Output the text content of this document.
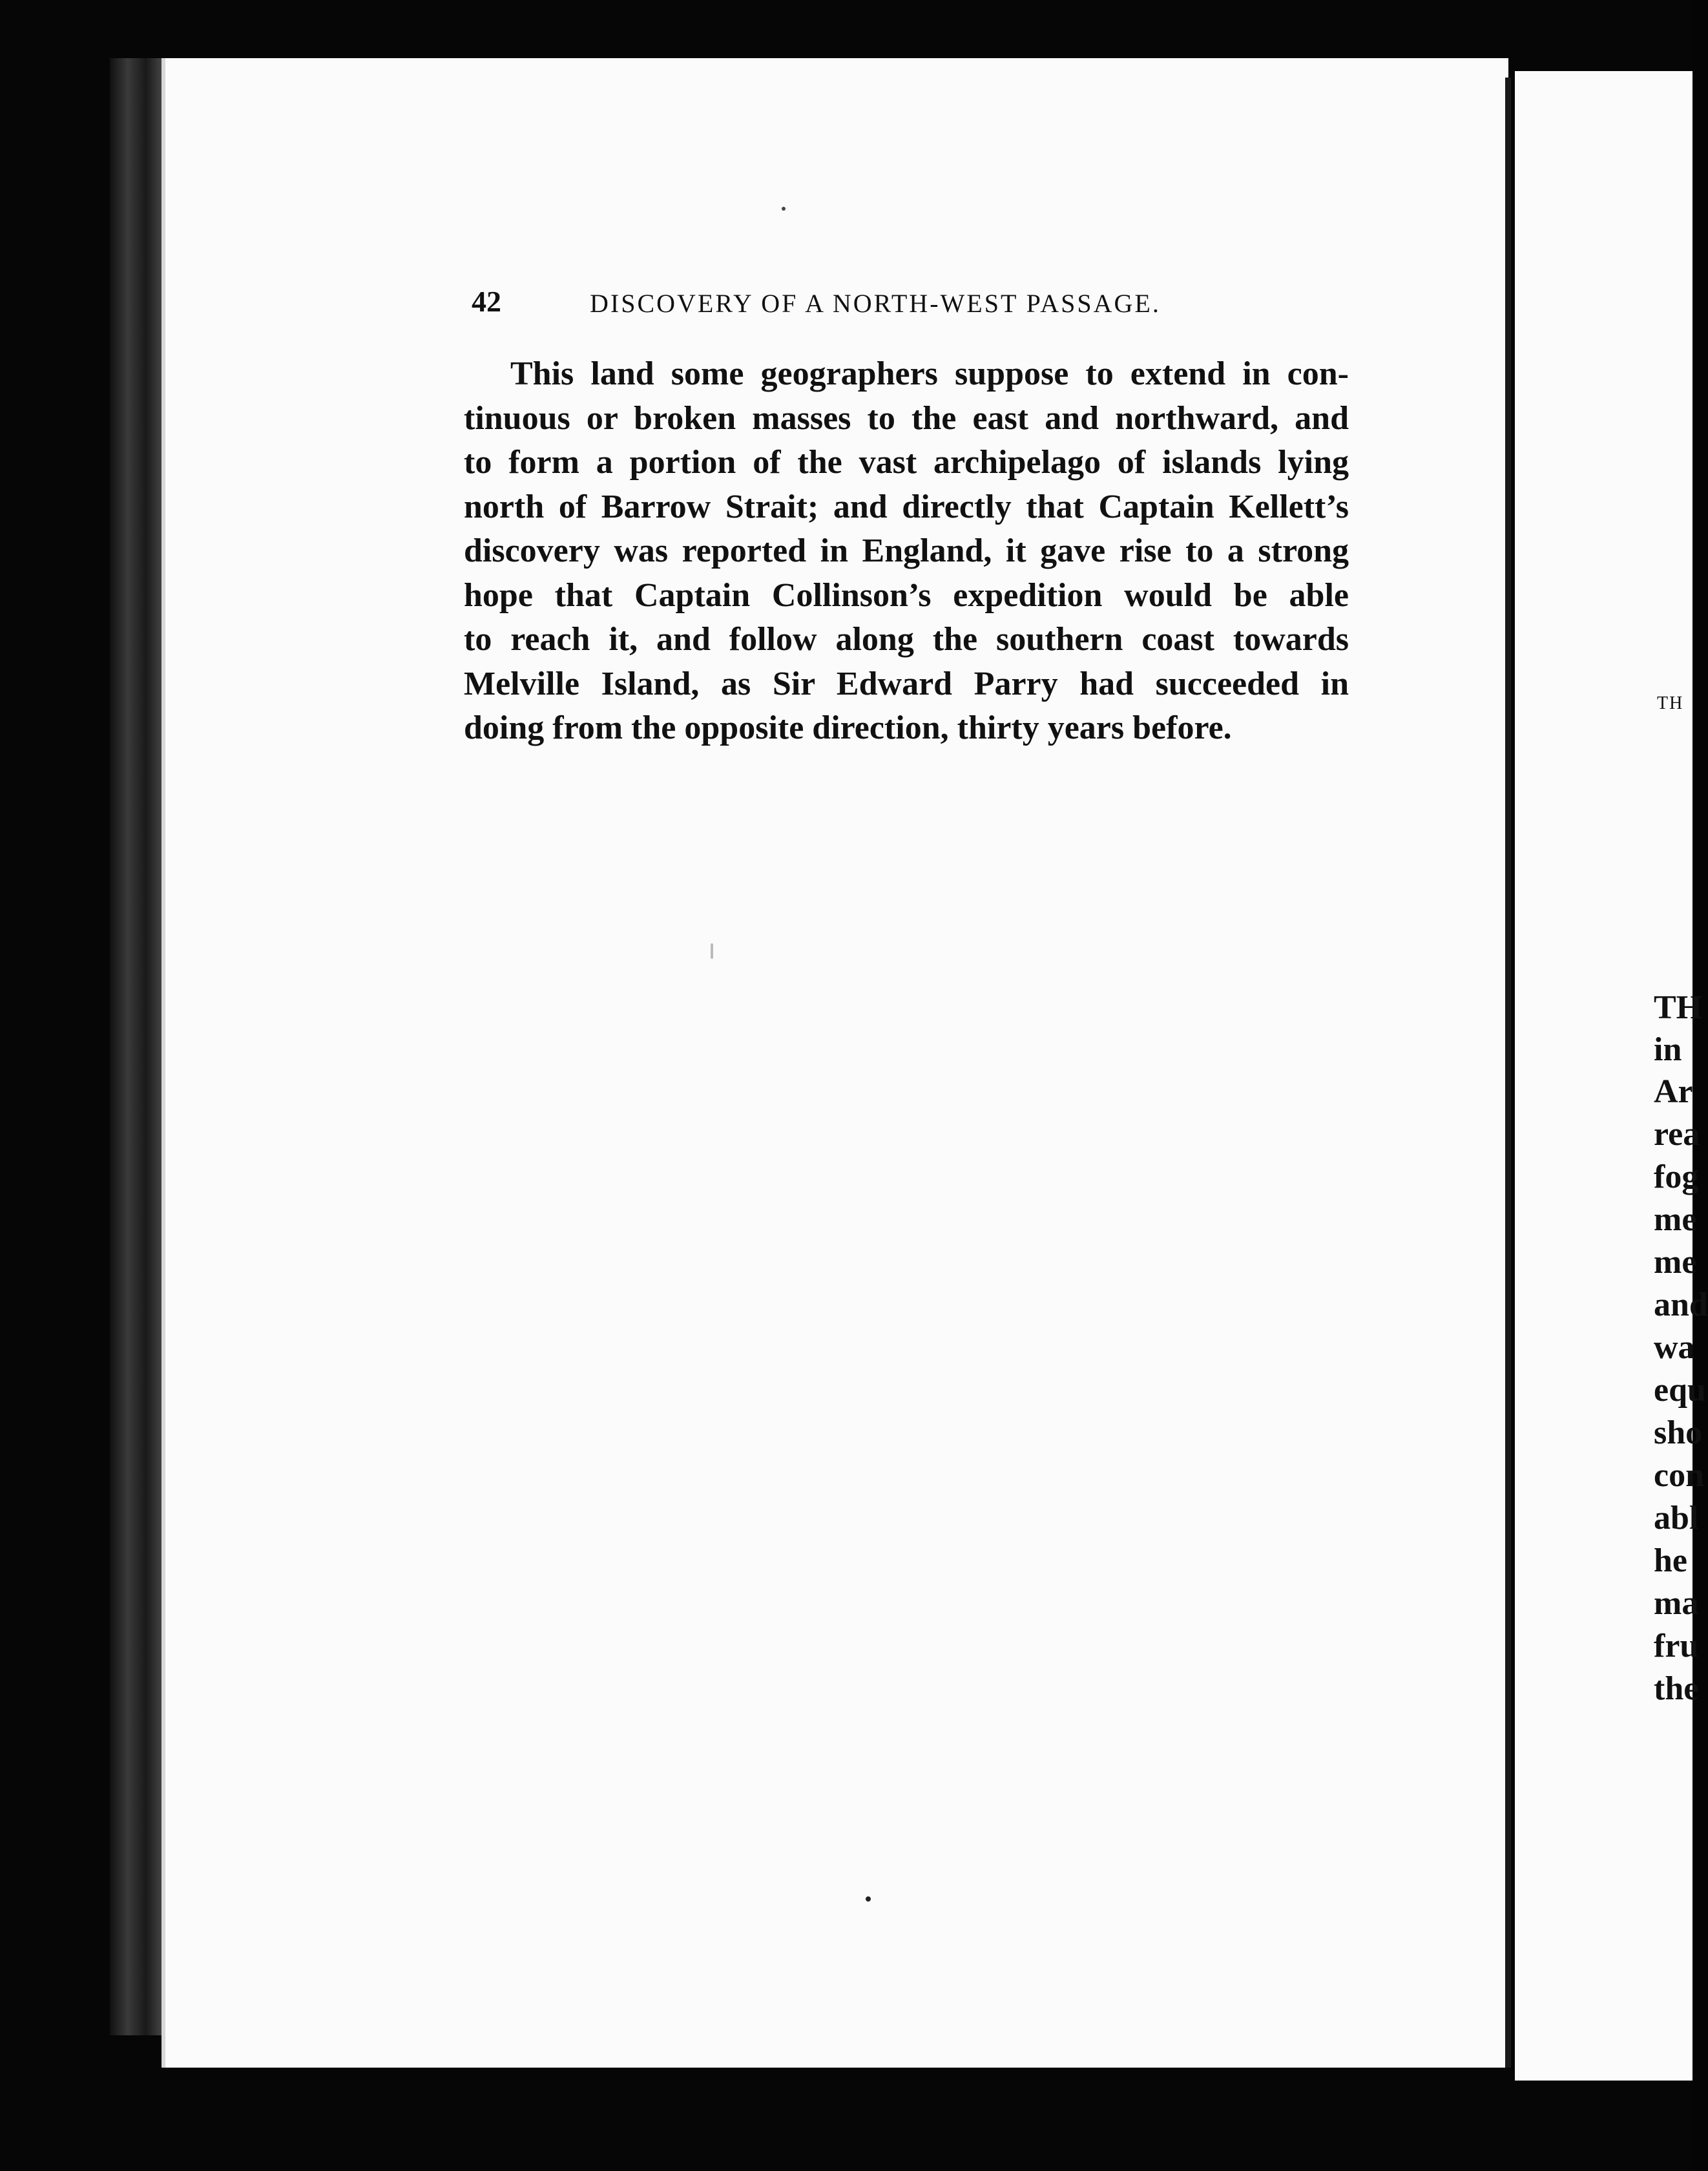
42	DISCOVERY OF A NORTH-WEST PASSAGE.
This land some geographers suppose to extend in con-
tinuous or broken masses to the east and northward, and
to form a portion of the vast archipelago of islands lying
north of Barrow Strait; and directly that Captain Kellett’s
discovery was reported in England, it gave rise to a strong
hope that Captain Collinson’s expedition would be able
to reach it, and follow along the southern coast towards
Melville Island, as Sir Edward Parry had succeeded in
doing from the opposite direction, thirty years before.
TH
TH
in
Ar
rea
fog
me
me
and
wa
equ
sho
con
abl
he
ma
fru
the
